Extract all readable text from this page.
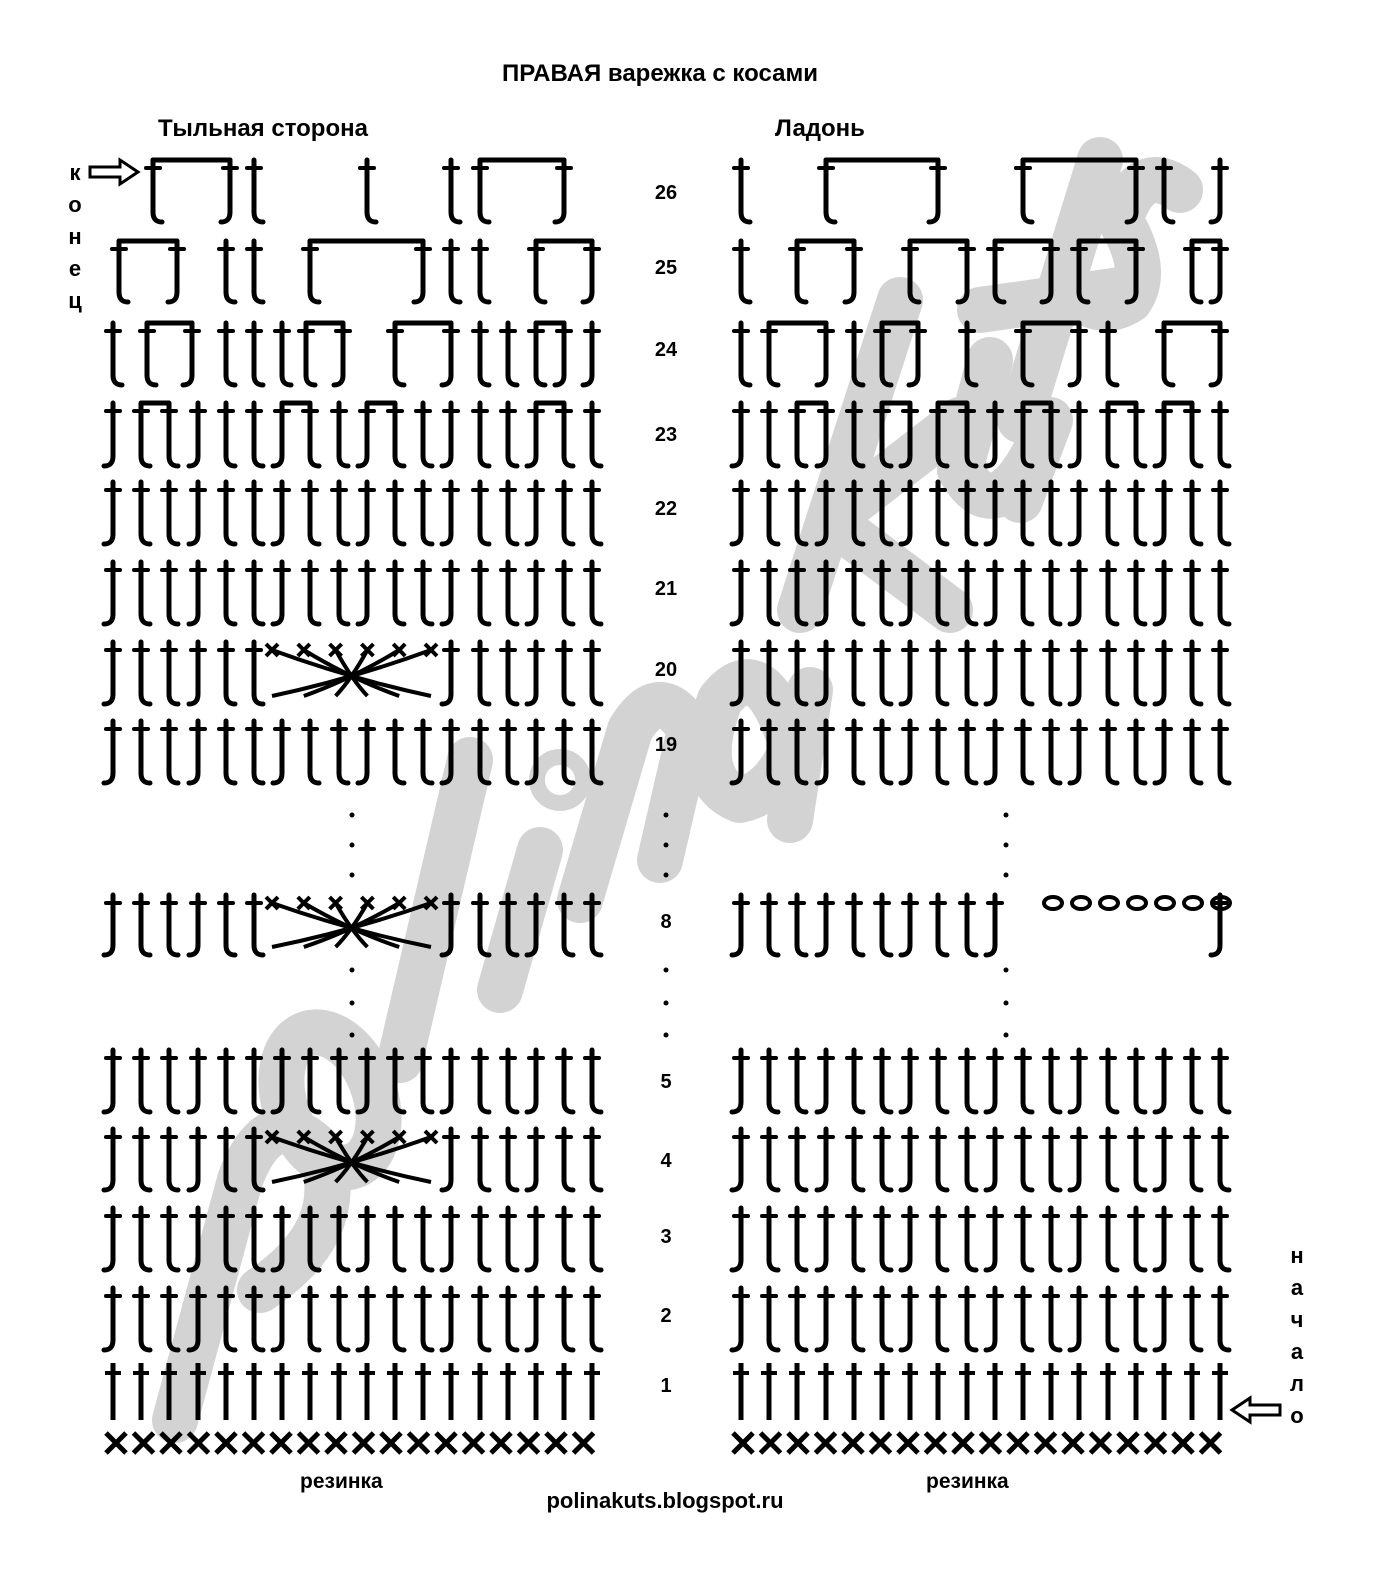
ПРАВАЯ варежка с косами
Тыльная сторона	Ладонь
к
о
н
е
ц
н
а
ч
а
л
о
26
25
24
23
22
21
20
19
8
5
4
3
2
1
резинка	резинка
polinakuts.blogspot.ru
